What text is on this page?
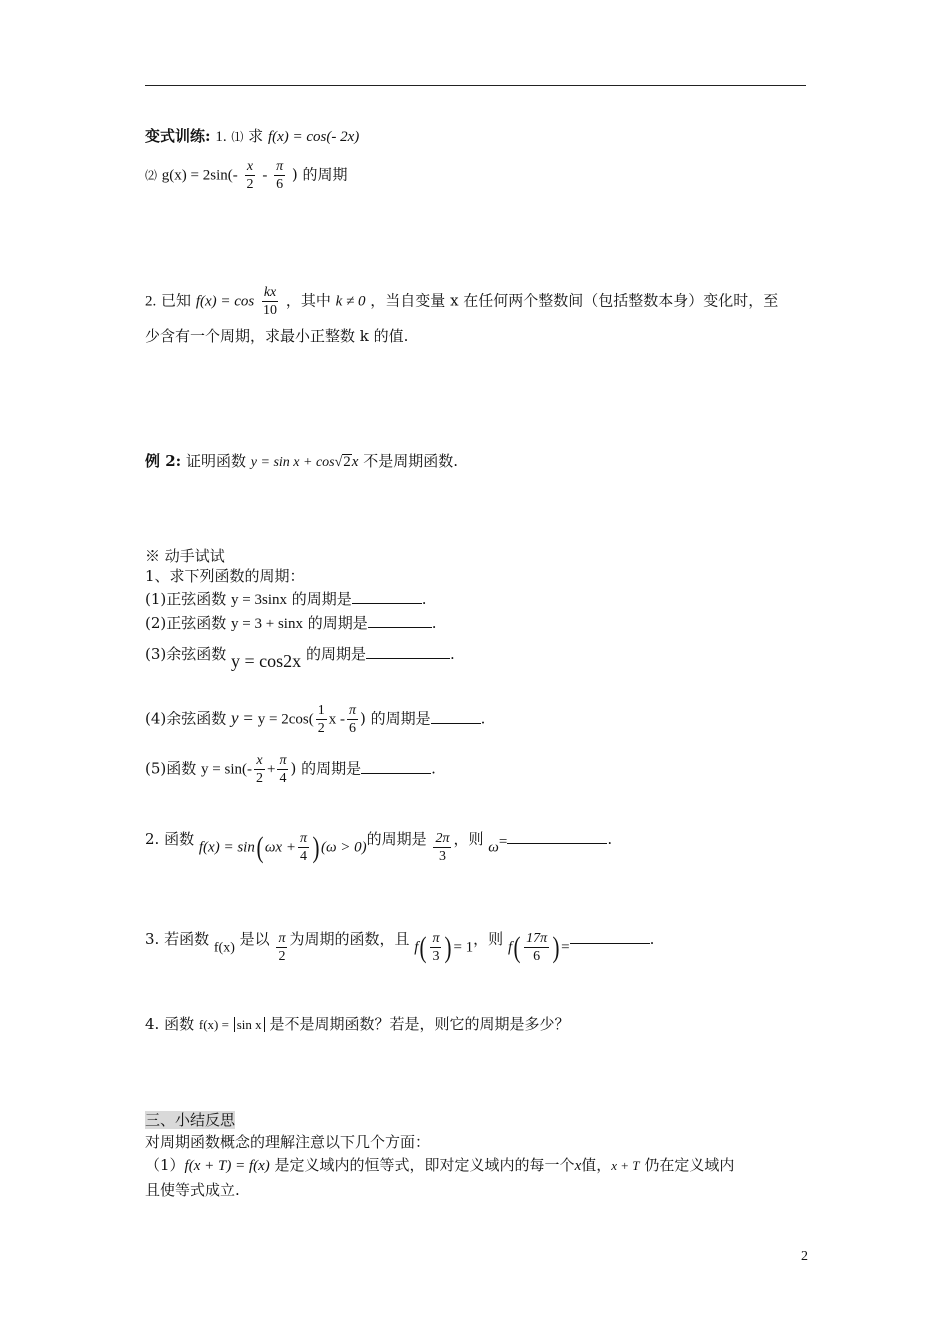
变式训练: 1. ⑴ 求 f(x) = cos(- 2x)
⑵ $g(x) = 2\sin(- \frac{x}{2} - \frac{\pi}{6}$ ) 的周期
2. 已知 $f(x) = \cos \frac{kx}{10}$ ，其中 k ≠ 0 ，当自变量 x 在任何两个整数间（包括整数本身）变化时，至
少含有一个周期，求最小正整数 k 的值.
例 2: 证明函数 y = sin x + cos√2x 不是周期函数.
※ 动手试试
1、求下列函数的周期：
(1)正弦函数 y = 3sinx 的周期是	.
(2)正弦函数 y = 3 + sinx 的周期是	.
(3)余弦函数 y = cos2x 的周期是	.
(4)余弦函数 $y = y = 2\cos( \frac{1}{2}$ x - $\frac{\pi}{6}$ ) 的周期是	.
(5)函数 $y = \sin(- \frac{x}{2} + \frac{\pi}{4}$ ) 的周期是	.
2. 函数 f(x) = sin( $\omega x + \frac{\pi}{4}$ ) (ω > 0)的周期是 $\frac{2\pi}{3}$ ，则 ω=	.
3. 若函数 f(x) 是以 $\frac{\pi}{2}$ 为周期的函数，且 $f( \frac{\pi}{3}$ ) = 1，则 $f( \frac{17\pi}{6}$ ) =	.
4. 函数 f(x) = sin x 是不是周期函数？若是，则它的周期是多少？
三、小结反思
对周期函数概念的理解注意以下几个方面：
（1）f(x + T) = f(x) 是定义域内的恒等式，即对定义域内的每一个x值，x + T 仍在定义域内
且使等式成立.
2
